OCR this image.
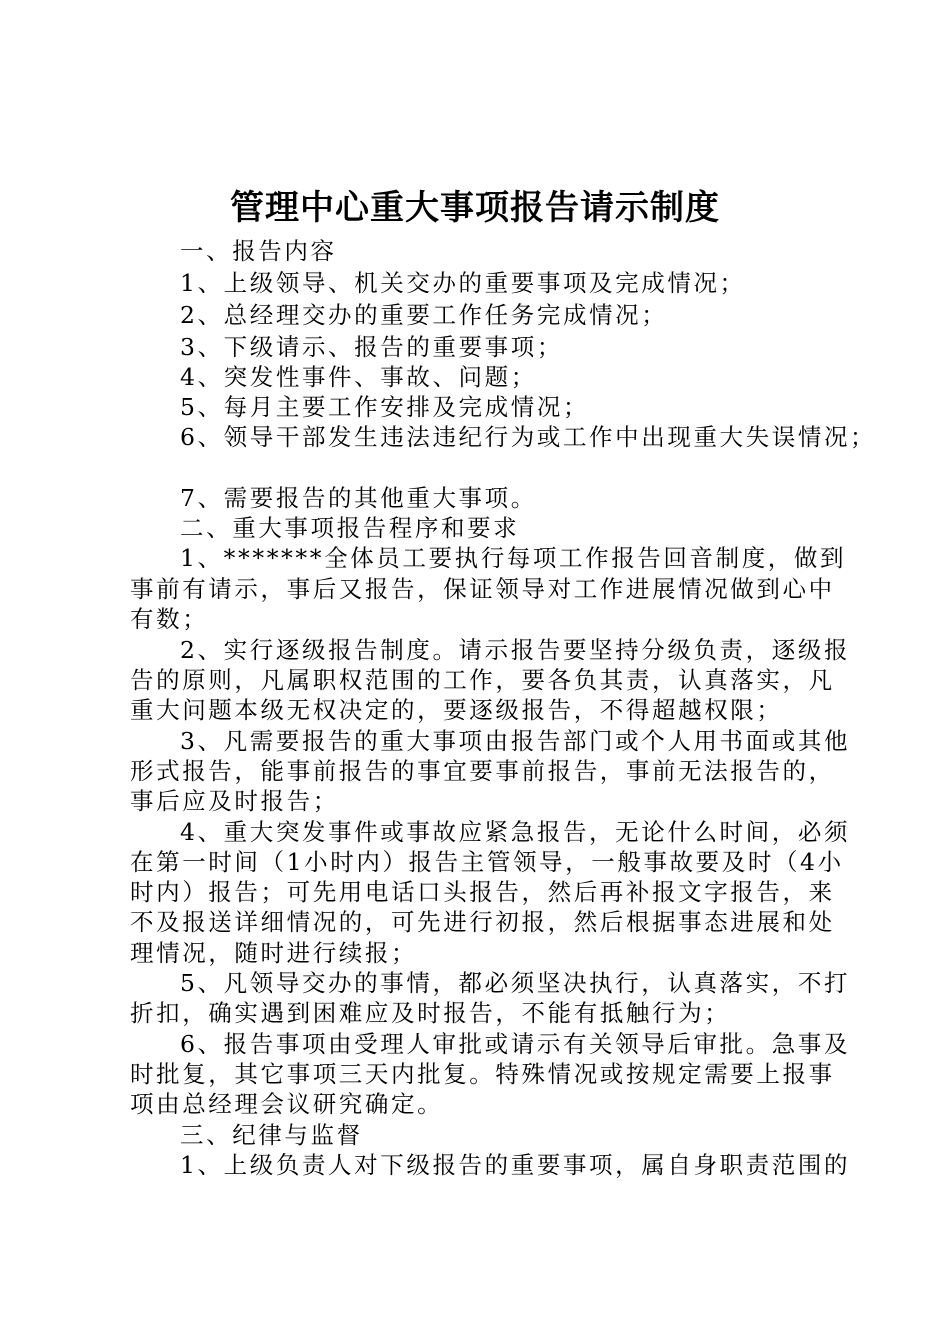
管理中心重大事项报告请示制度
一、报告内容
1、上级领导、机关交办的重要事项及完成情况；
2、总经理交办的重要工作任务完成情况；
3、下级请示、报告的重要事项；
4、突发性事件、事故、问题；
5、每月主要工作安排及完成情况；
6、领导干部发生违法违纪行为或工作中出现重大失误情况；
7、需要报告的其他重大事项。
二、重大事项报告程序和要求
1、*******全体员工要执行每项工作报告回音制度，做到
事前有请示，事后又报告，保证领导对工作进展情况做到心中
有数；
2、实行逐级报告制度。请示报告要坚持分级负责，逐级报
告的原则，凡属职权范围的工作，要各负其责，认真落实，凡
重大问题本级无权决定的，要逐级报告，不得超越权限；
3、凡需要报告的重大事项由报告部门或个人用书面或其他
形式报告，能事前报告的事宜要事前报告，事前无法报告的，
事后应及时报告；
4、重大突发事件或事故应紧急报告，无论什么时间，必须
在第一时间（1小时内）报告主管领导，一般事故要及时（4小
时内）报告；可先用电话口头报告，然后再补报文字报告，来
不及报送详细情况的，可先进行初报，然后根据事态进展和处
理情况，随时进行续报；
5、凡领导交办的事情，都必须坚决执行，认真落实，不打
折扣，确实遇到困难应及时报告，不能有抵触行为；
6、报告事项由受理人审批或请示有关领导后审批。急事及
时批复，其它事项三天内批复。特殊情况或按规定需要上报事
项由总经理会议研究确定。
三、纪律与监督
1、上级负责人对下级报告的重要事项，属自身职责范围的
